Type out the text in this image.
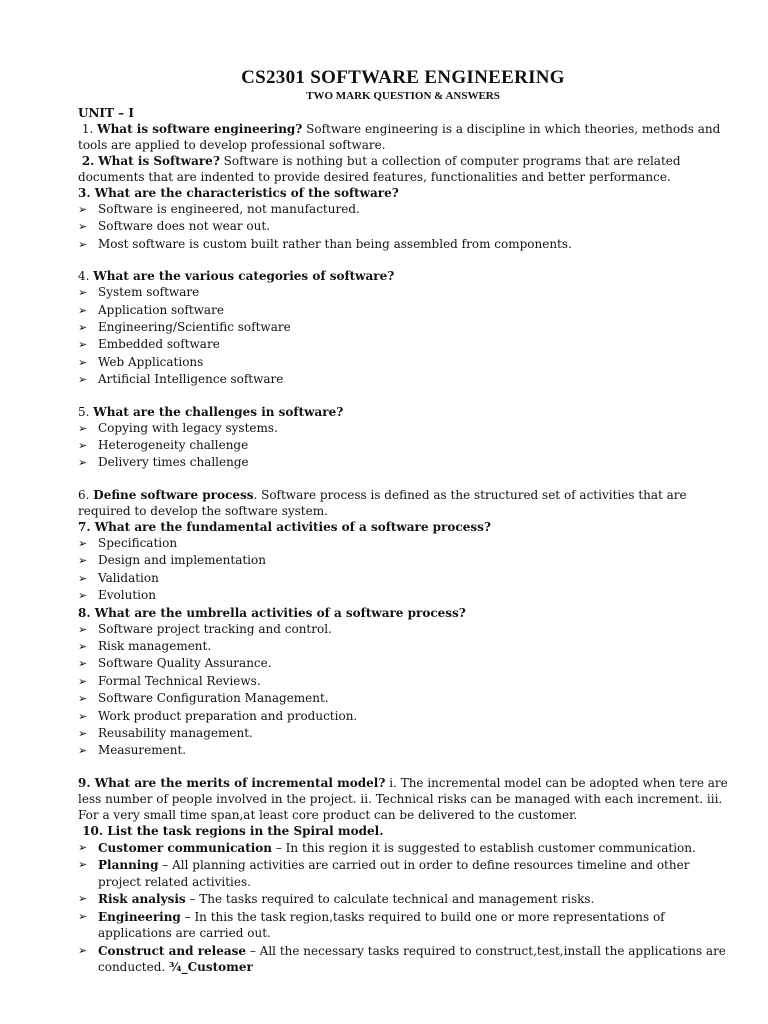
CS2301 SOFTWARE ENGINEERING

TWO MARK QUESTION & ANSWERS

UNIT – I

1. What is software engineering? Software engineering is a discipline in which theories, methods and tools are applied to develop professional software.

2. What is Software? Software is nothing but a collection of computer programs that are related documents that are indented to provide desired features, functionalities and better performance.

3. What are the characteristics of the software?

➢ Software is engineered, not manufactured.
➢ Software does not wear out.
➢ Most software is custom built rather than being assembled from components.

4. What are the various categories of software?

➢ System software
➢ Application software
➢ Engineering/Scientific software
➢ Embedded software
➢ Web Applications
➢ Artificial Intelligence software

5. What are the challenges in software?

➢ Copying with legacy systems.
➢ Heterogeneity challenge
➢ Delivery times challenge

6. Define software process. Software process is defined as the structured set of activities that are required to develop the software system.

7. What are the fundamental activities of a software process?

➢ Specification
➢ Design and implementation
➢ Validation
➢ Evolution

8. What are the umbrella activities of a software process?

➢ Software project tracking and control.
➢ Risk management.
➢ Software Quality Assurance.
➢ Formal Technical Reviews.
➢ Software Configuration Management.
➢ Work product preparation and production.
➢ Reusability management.
➢ Measurement.

9. What are the merits of incremental model? i. The incremental model can be adopted when tere are less number of people involved in the project. ii. Technical risks can be managed with each increment. iii. For a very small time span,at least core product can be delivered to the customer.

10. List the task regions in the Spiral model.

➢ Customer communication – In this region it is suggested to establish customer communication.
➢ Planning – All planning activities are carried out in order to define resources timeline and other project related activities.
➢ Risk analysis – The tasks required to calculate technical and management risks.
➢ Engineering – In this the task region,tasks required to build one or more representations of applications are carried out.
➢ Construct and release – All the necessary tasks required to construct,test,install the applications are conducted. ¾_Customer
